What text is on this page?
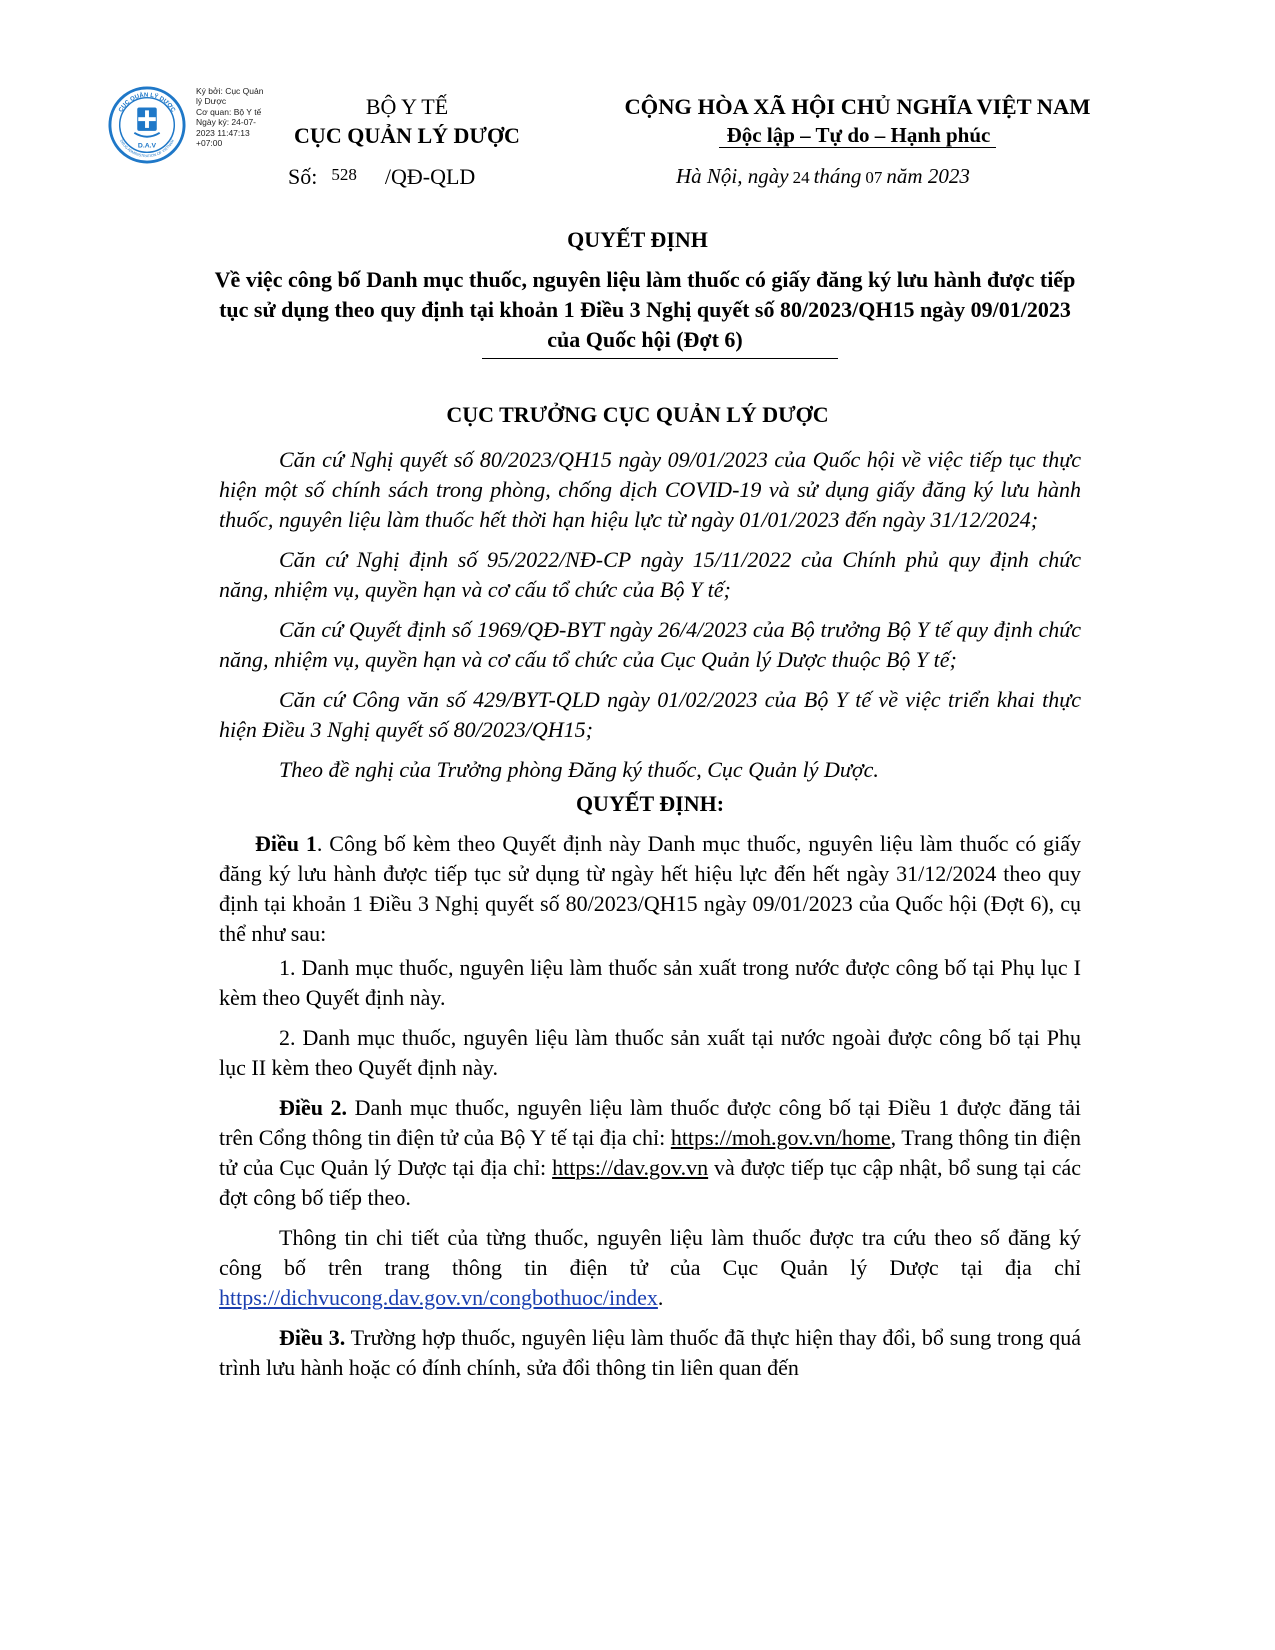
CỤC QUẢN LÝ DƯỢC
DRUG ADMINISTRATION OF VIETNAM
D.A.V
Ký bởi: Cục Quản
lý Dược
Cơ quan: Bộ Y tế
Ngày ký: 24-07-
2023 11:47:13
+07:00
BỘ Y TẾ
CỤC QUẢN LÝ DƯỢC
Số: 528 /QĐ-QLD
CỘNG HÒA XÃ HỘI CHỦ NGHĨA VIỆT NAM
Độc lập – Tự do – Hạnh phúc
Hà Nội, ngày 24 tháng 07 năm 2023
QUYẾT ĐỊNH
Về việc công bố Danh mục thuốc, nguyên liệu làm thuốc có giấy đăng ký lưu hành được tiếp tục sử dụng theo quy định tại khoản 1 Điều 3 Nghị quyết số 80/2023/QH15 ngày 09/01/2023 của Quốc hội (Đợt 6)
CỤC TRƯỞNG CỤC QUẢN LÝ DƯỢC

Căn cứ Nghị quyết số 80/2023/QH15 ngày 09/01/2023 của Quốc hội về việc tiếp tục thực hiện một số chính sách trong phòng, chống dịch COVID-19 và sử dụng giấy đăng ký lưu hành thuốc, nguyên liệu làm thuốc hết thời hạn hiệu lực từ ngày 01/01/2023 đến ngày 31/12/2024;

Căn cứ Nghị định số 95/2022/NĐ-CP ngày 15/11/2022 của Chính phủ quy định chức năng, nhiệm vụ, quyền hạn và cơ cấu tổ chức của Bộ Y tế;

Căn cứ Quyết định số 1969/QĐ-BYT ngày 26/4/2023 của Bộ trưởng Bộ Y tế quy định chức năng, nhiệm vụ, quyền hạn và cơ cấu tổ chức của Cục Quản lý Dược thuộc Bộ Y tế;

Căn cứ Công văn số 429/BYT-QLD ngày 01/02/2023 của Bộ Y tế về việc triển khai thực hiện Điều 3 Nghị quyết số 80/2023/QH15;

Theo đề nghị của Trưởng phòng Đăng ký thuốc, Cục Quản lý Dược.

QUYẾT ĐỊNH:

Điều 1. Công bố kèm theo Quyết định này Danh mục thuốc, nguyên liệu làm thuốc có giấy đăng ký lưu hành được tiếp tục sử dụng từ ngày hết hiệu lực đến hết ngày 31/12/2024 theo quy định tại khoản 1 Điều 3 Nghị quyết số 80/2023/QH15 ngày 09/01/2023 của Quốc hội (Đợt 6), cụ thể như sau:

1. Danh mục thuốc, nguyên liệu làm thuốc sản xuất trong nước được công bố tại Phụ lục I kèm theo Quyết định này.

2. Danh mục thuốc, nguyên liệu làm thuốc sản xuất tại nước ngoài được công bố tại Phụ lục II kèm theo Quyết định này.

Điều 2. Danh mục thuốc, nguyên liệu làm thuốc được công bố tại Điều 1 được đăng tải trên Cổng thông tin điện tử của Bộ Y tế tại địa chỉ: https://moh.gov.vn/home, Trang thông tin điện tử của Cục Quản lý Dược tại địa chỉ: https://dav.gov.vn và được tiếp tục cập nhật, bổ sung tại các đợt công bố tiếp theo.

Thông tin chi tiết của từng thuốc, nguyên liệu làm thuốc được tra cứu theo số đăng ký công bố trên trang thông tin điện tử của Cục Quản lý Dược tại địa chỉ https://dichvucong.dav.gov.vn/congbothuoc/index.

Điều 3. Trường hợp thuốc, nguyên liệu làm thuốc đã thực hiện thay đổi, bổ sung trong quá trình lưu hành hoặc có đính chính, sửa đổi thông tin liên quan đến
